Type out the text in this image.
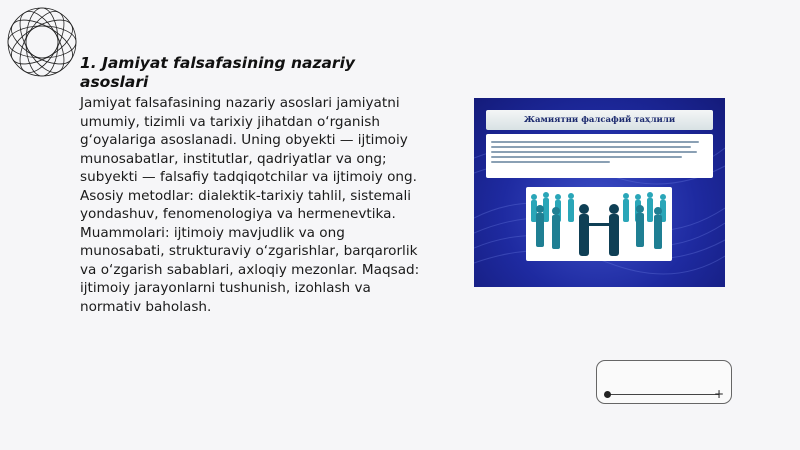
1. Jamiyat falsafasining nazariy asoslari
Jamiyat falsafasining nazariy asoslari jamiyatni umumiy, tizimli va tarixiy jihatdan o‘rganish g‘oyalariga asoslanadi. Uning obyekti — ijtimoiy munosabatlar, institutlar, qadriyatlar va ong; subyekti — falsafiy tadqiqotchilar va ijtimoiy ong. Asosiy metodlar: dialektik-tarixiy tahlil, sistemali yondashuv, fenomenologiya va hermenevtika. Muammolari: ijtimoiy mavjudlik va ong munosabati, strukturaviy o‘zgarishlar, barqarorlik va o‘zgarish sabablari, axloqiy mezonlar. Maqsad: ijtimoiy jarayonlarni tushunish, izohlash va normativ baholash.
Жамиятни фалсафий таҳлили
+
